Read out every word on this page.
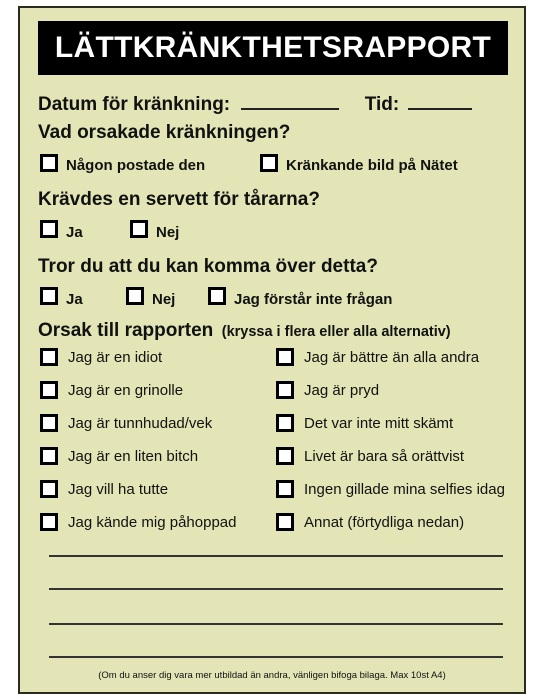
LÄTTKRÄNKTHETSRAPPORT
Datum för kränkning:	Tid:
Vad orsakade kränkningen?
Någon postade den	Kränkande bild på Nätet
Krävdes en servett för tårarna?
Ja	Nej
Tror du att du kan komma över detta?
Ja	Nej	Jag förstår inte frågan
Orsak till rapporten (kryssa i flera eller alla alternativ)
Jag är en idiot
Jag är en grinolle
Jag är tunnhudad/vek
Jag är en liten bitch
Jag vill ha tutte
Jag kände mig påhoppad
Jag är bättre än alla andra
Jag är pryd
Det var inte mitt skämt
Livet är bara så orättvist
Ingen gillade mina selfies idag
Annat (förtydliga nedan)
(Om du anser dig vara mer utbildad än andra, vänligen bifoga bilaga. Max 10st A4)
